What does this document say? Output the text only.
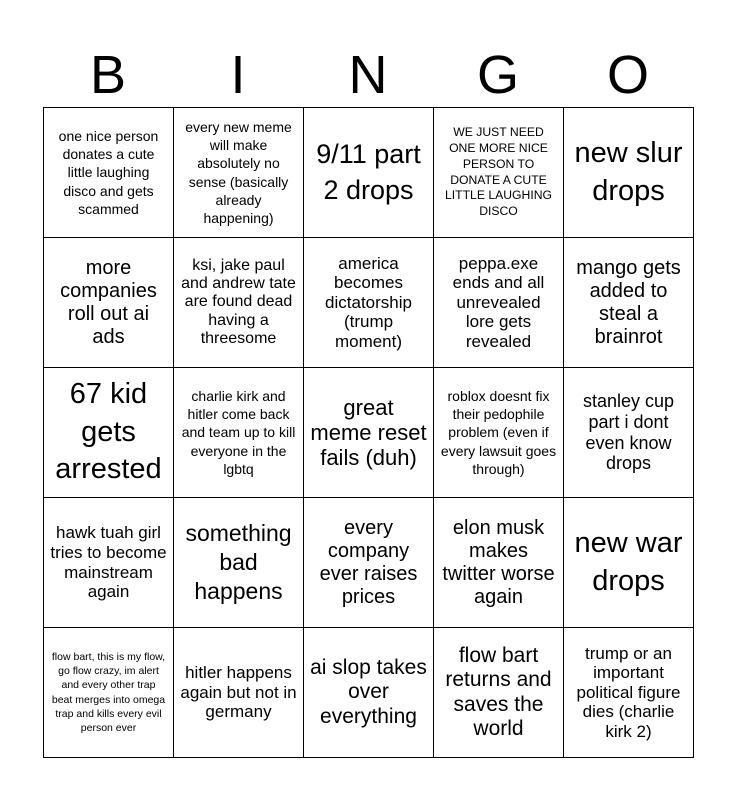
B	I	N	G	O
one nice person donates a cute little laughing disco and gets scammed	every new meme will make absolutely no sense (basically already happening)	9/11 part 2 drops	WE JUST NEED ONE MORE NICE PERSON TO DONATE A CUTE LITTLE LAUGHING DISCO	new slur drops
more companies roll out ai ads	ksi, jake paul and andrew tate are found dead having a threesome	america becomes dictatorship (trump moment)	peppa.exe ends and all unrevealed lore gets revealed	mango gets added to steal a brainrot
67 kid gets arrested	charlie kirk and hitler come back and team up to kill everyone in the lgbtq	great meme reset fails (duh)	roblox doesnt fix their pedophile problem (even if every lawsuit goes through)	stanley cup part i dont even know drops
hawk tuah girl tries to become mainstream again	something bad happens	every company ever raises prices	elon musk makes twitter worse again	new war drops
flow bart, this is my flow, go flow crazy, im alert and every other trap beat merges into omega trap and kills every evil person ever	hitler happens again but not in germany	ai slop takes over everything	flow bart returns and saves the world	trump or an important political figure dies (charlie kirk 2)
